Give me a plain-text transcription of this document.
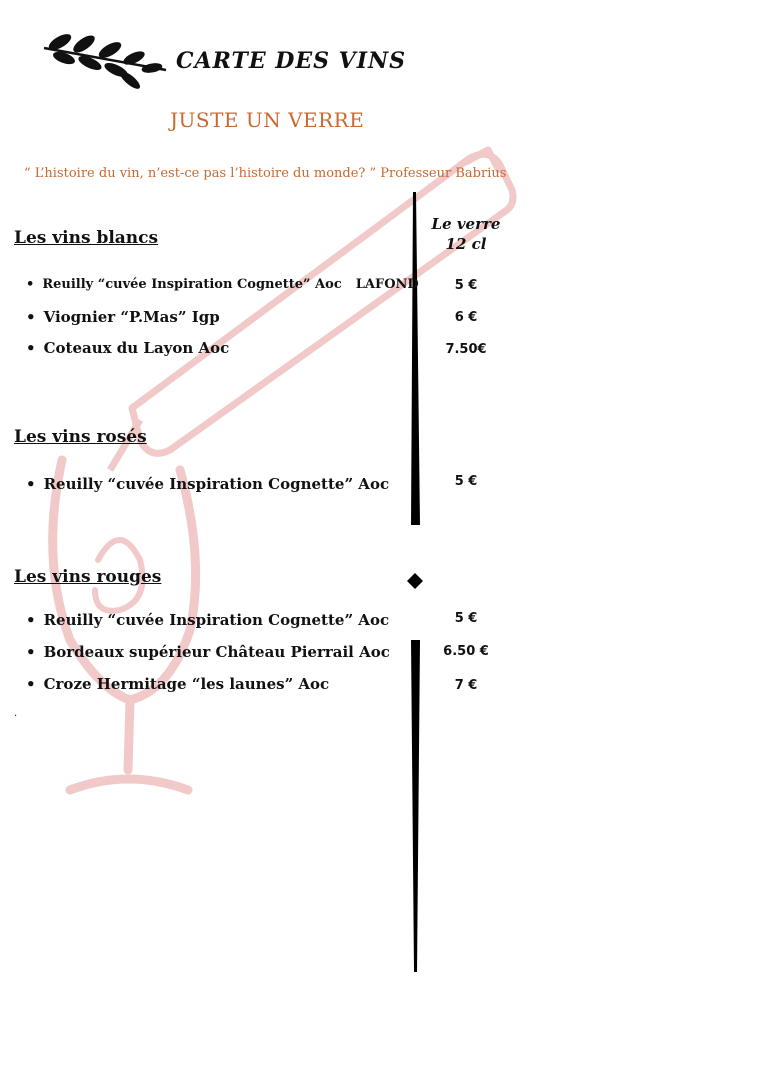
CARTE DES VINS
JUSTE UN VERRE
“ L’histoire du vin, n’est-ce pas l’histoire du monde? ” Professeur Babrius
Le verre
12 cl
Les vins blancs
• Reuilly “cuvée Inspiration Cognette” Aoc LAFOND	5 €
• Viognier “P.Mas” Igp	6 €
• Coteaux du Layon Aoc	7.50€
Les vins rosés
• Reuilly “cuvée Inspiration Cognette” Aoc	5 €
Les vins rouges
• Reuilly “cuvée Inspiration Cognette” Aoc	5 €
• Bordeaux supérieur Château Pierrail Aoc	6.50 €
• Croze Hermitage “les launes” Aoc	7 €
.
